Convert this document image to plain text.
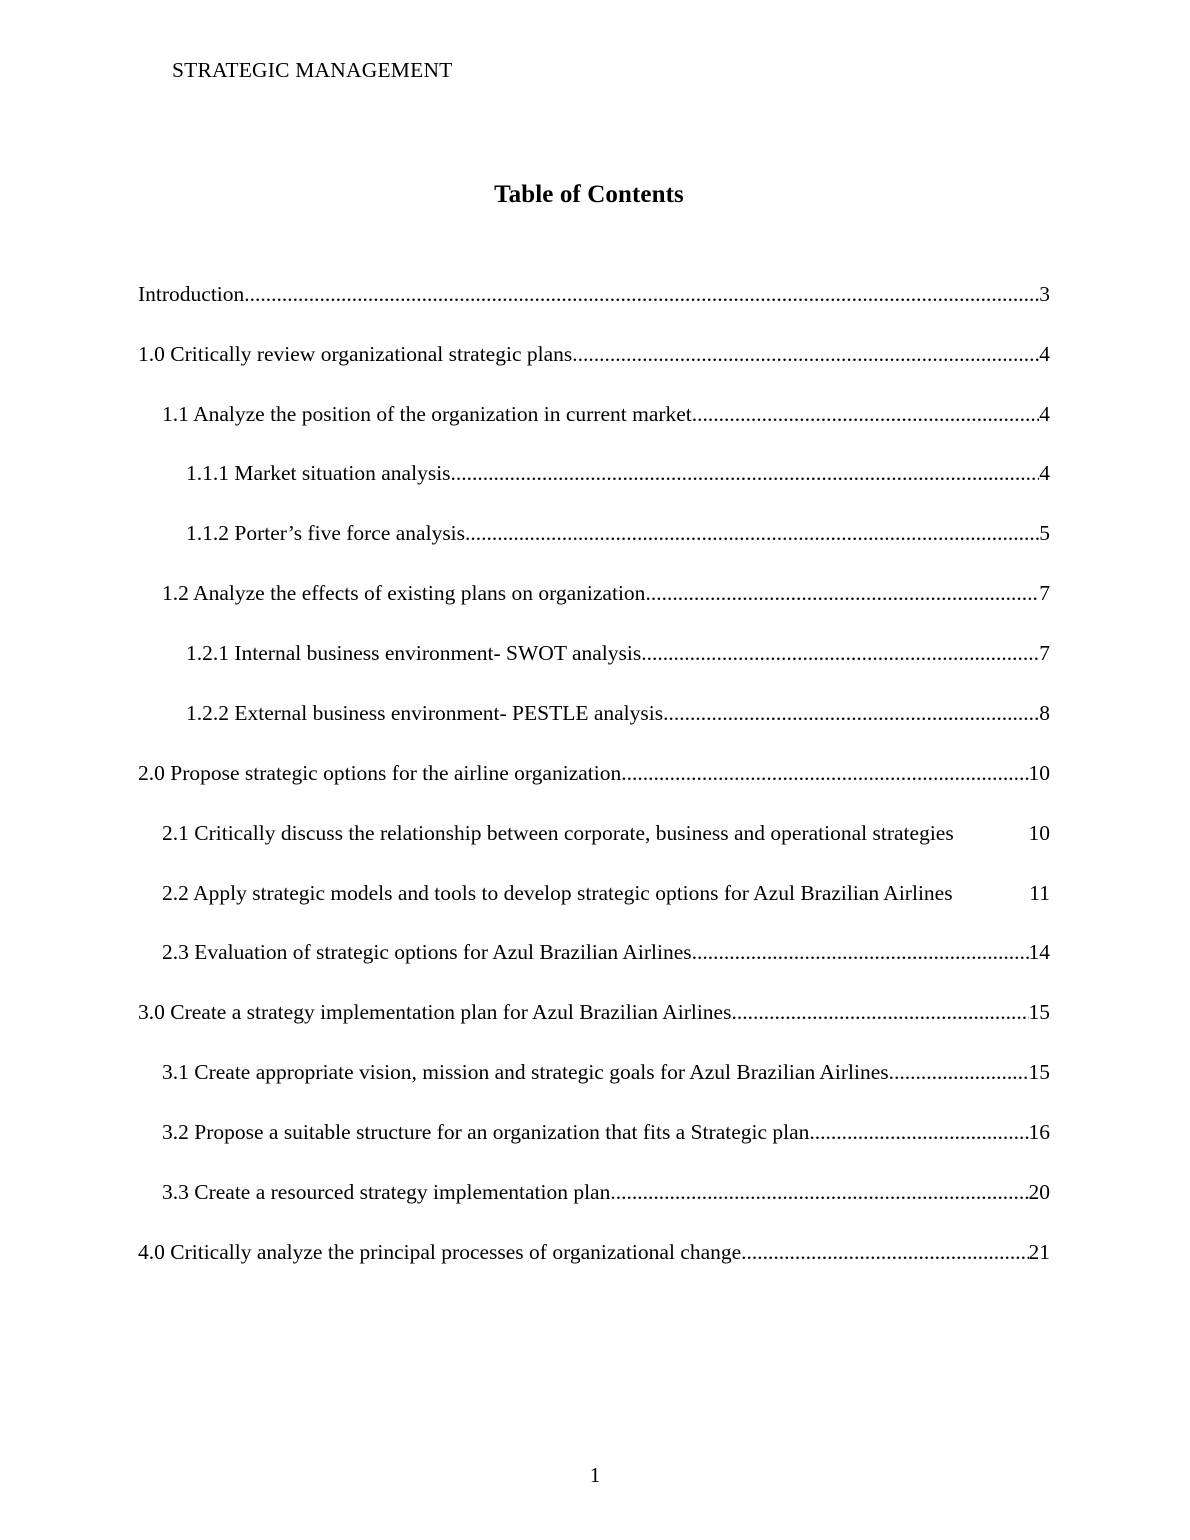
STRATEGIC MANAGEMENT
Table of Contents
Introduction .....	3
1.0 Critically review organizational strategic plans .....	4
1.1 Analyze the position of the organization in current market .....	4
1.1.1 Market situation analysis .....	4
1.1.2 Porter’s five force analysis .....	5
1.2 Analyze the effects of existing plans on organization .....	7
1.2.1 Internal business environment- SWOT analysis .....	7
1.2.2 External business environment- PESTLE analysis .....	8
2.0 Propose strategic options for the airline organization .....	10
2.1 Critically discuss the relationship between corporate, business and operational strategies	10
2.2 Apply strategic models and tools to develop strategic options for Azul Brazilian Airlines	11
2.3 Evaluation of strategic options for Azul Brazilian Airlines .....	14
3.0 Create a strategy implementation plan for Azul Brazilian Airlines .....	15
3.1 Create appropriate vision, mission and strategic goals for Azul Brazilian Airlines .....	15
3.2 Propose a suitable structure for an organization that fits a Strategic plan .....	16
3.3 Create a resourced strategy implementation plan .....	20
4.0 Critically analyze the principal processes of organizational change .....	21
1
